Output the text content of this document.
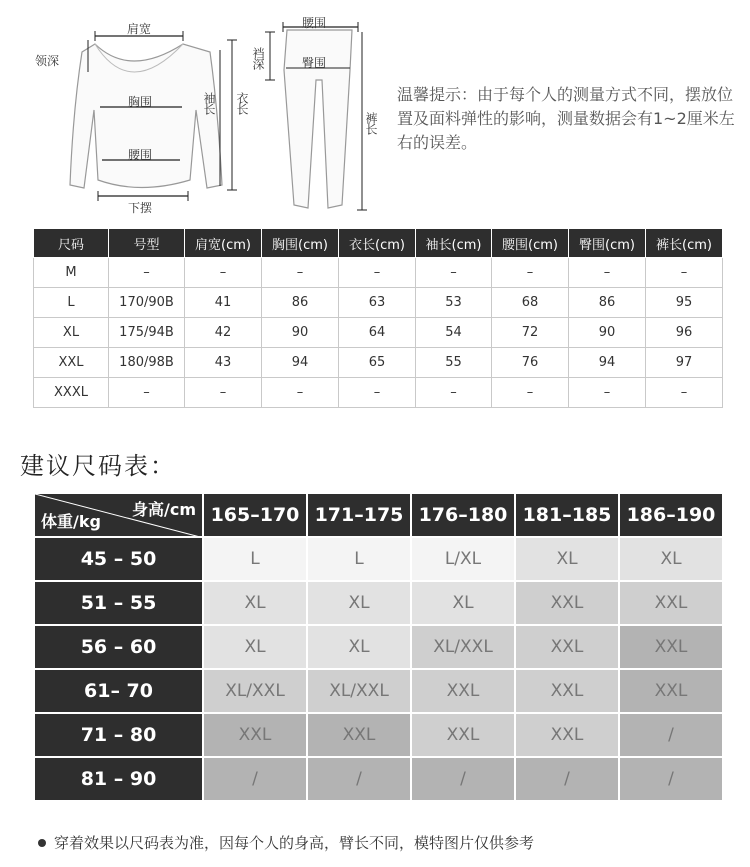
肩宽
领深
胸围
腰围
下摆
腰围
臀围
袖长 衣长
裆深
裤长
温馨提示：由于每个人的测量方式不同，摆放位置及面料弹性的影响，测量数据会有1~2厘米左右的误差。
尺码	号型	肩宽(cm)	胸围(cm)	衣长(cm)	袖长(cm)	腰围(cm)	臀围(cm)	裤长(cm)
M	–	–	–	–	–	–	–	–
L	170/90B	41	86	63	53	68	86	95
XL	175/94B	42	90	64	54	72	90	96
XXL	180/98B	43	94	65	55	76	94	97
XXXL	–	–	–	–	–	–	–	–
建议尺码表：
身高/cm
体重/kg	165–170	171–175	176–180	181–185	186–190
45 – 50	L	L	L/XL	XL	XL
51 – 55	XL	XL	XL	XXL	XXL
56 – 60	XL	XL	XL/XXL	XXL	XXL
61– 70	XL/XXL	XL/XXL	XXL	XXL	XXL
71 – 80	XXL	XXL	XXL	XXL	/
81 – 90	/	/	/	/	/
穿着效果以尺码表为准，因每个人的身高，臂长不同，模特图片仅供参考
